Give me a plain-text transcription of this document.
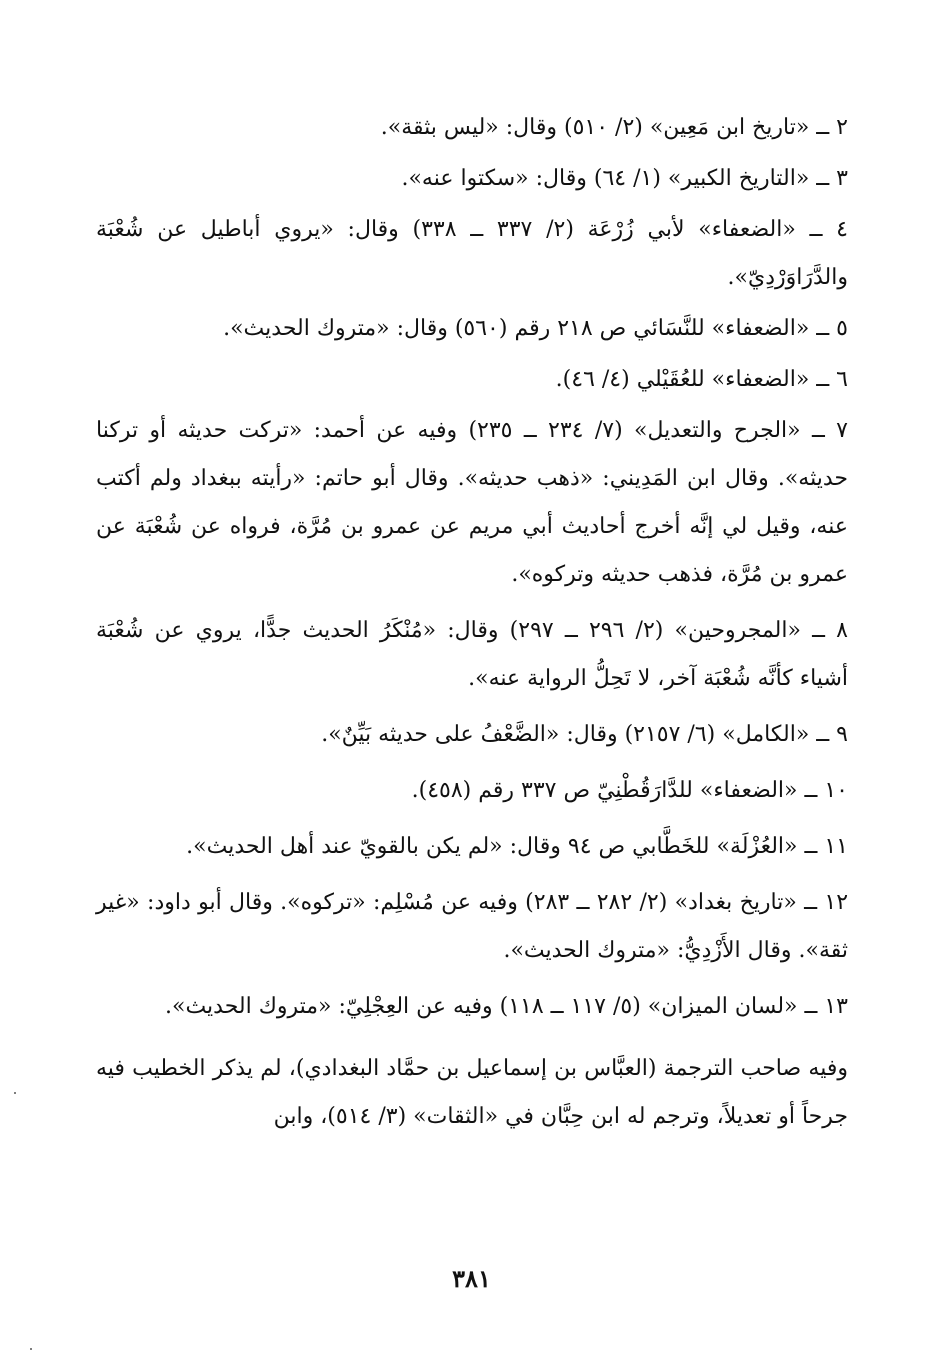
٢ ــ «تاريخ ابن مَعِين» (٢/ ٥١٠) وقال: «ليس بثقة».

٣ ــ «التاريخ الكبير» (١/ ٦٤) وقال: «سكتوا عنه».

٤ ــ «الضعفاء» لأبي زُرْعَة (٢/ ٣٣٧ ــ ٣٣٨) وقال: «يروي أباطيل عن شُعْبَة والدَّرَاوَرْدِيّ».

٥ ــ «الضعفاء» للنَّسَائي ص ٢١٨ رقم (٥٦٠) وقال: «متروك الحديث».

٦ ــ «الضعفاء» للعُقَيْلي (٤/ ٤٦).

٧ ــ «الجرح والتعديل» (٧/ ٢٣٤ ــ ٢٣٥) وفيه عن أحمد: «تركت حديثه أو تركنا حديثه». وقال ابن المَدِيني: «ذهب حديثه». وقال أبو حاتم: «رأيته ببغداد ولم أكتب عنه، وقيل لي إنَّه أخرج أحاديث أبي مريم عن عمرو بن مُرَّة، فرواه عن شُعْبَة عن عمرو بن مُرَّة، فذهب حديثه وتركوه».

٨ ــ «المجروحين» (٢/ ٢٩٦ ــ ٢٩٧) وقال: «مُنْكَرُ الحديث جدًّا، يروي عن شُعْبَة أشياء كأنَّه شُعْبَة آخر، لا تَحِلُّ الرواية عنه».

٩ ــ «الكامل» (٦/ ٢١٥٧) وقال: «الضَّعْفُ على حديثه بَيِّنٌ».

١٠ ــ «الضعفاء» للدَّارَقُطْنِيّ ص ٣٣٧ رقم (٤٥٨).

١١ ــ «العُزْلَة» للخَطَّابي ص ٩٤ وقال: «لم يكن بالقويّ عند أهل الحديث».

١٢ ــ «تاريخ بغداد» (٢/ ٢٨٢ ــ ٢٨٣) وفيه عن مُسْلِم: «تركوه». وقال أبو داود: «غير ثقة». وقال الأَزْدِيُّ: «متروك الحديث».

١٣ ــ «لسان الميزان» (٥/ ١١٧ ــ ١١٨) وفيه عن العِجْلِيّ: «متروك الحديث».

وفيه صاحب الترجمة (العبَّاس بن إسماعيل بن حمَّاد البغدادي)، لم يذكر الخطيب فيه جرحاً أو تعديلاً، وترجم له ابن حِبَّان في «الثقات» (٣/ ٥١٤)، وابن

٣٨١
